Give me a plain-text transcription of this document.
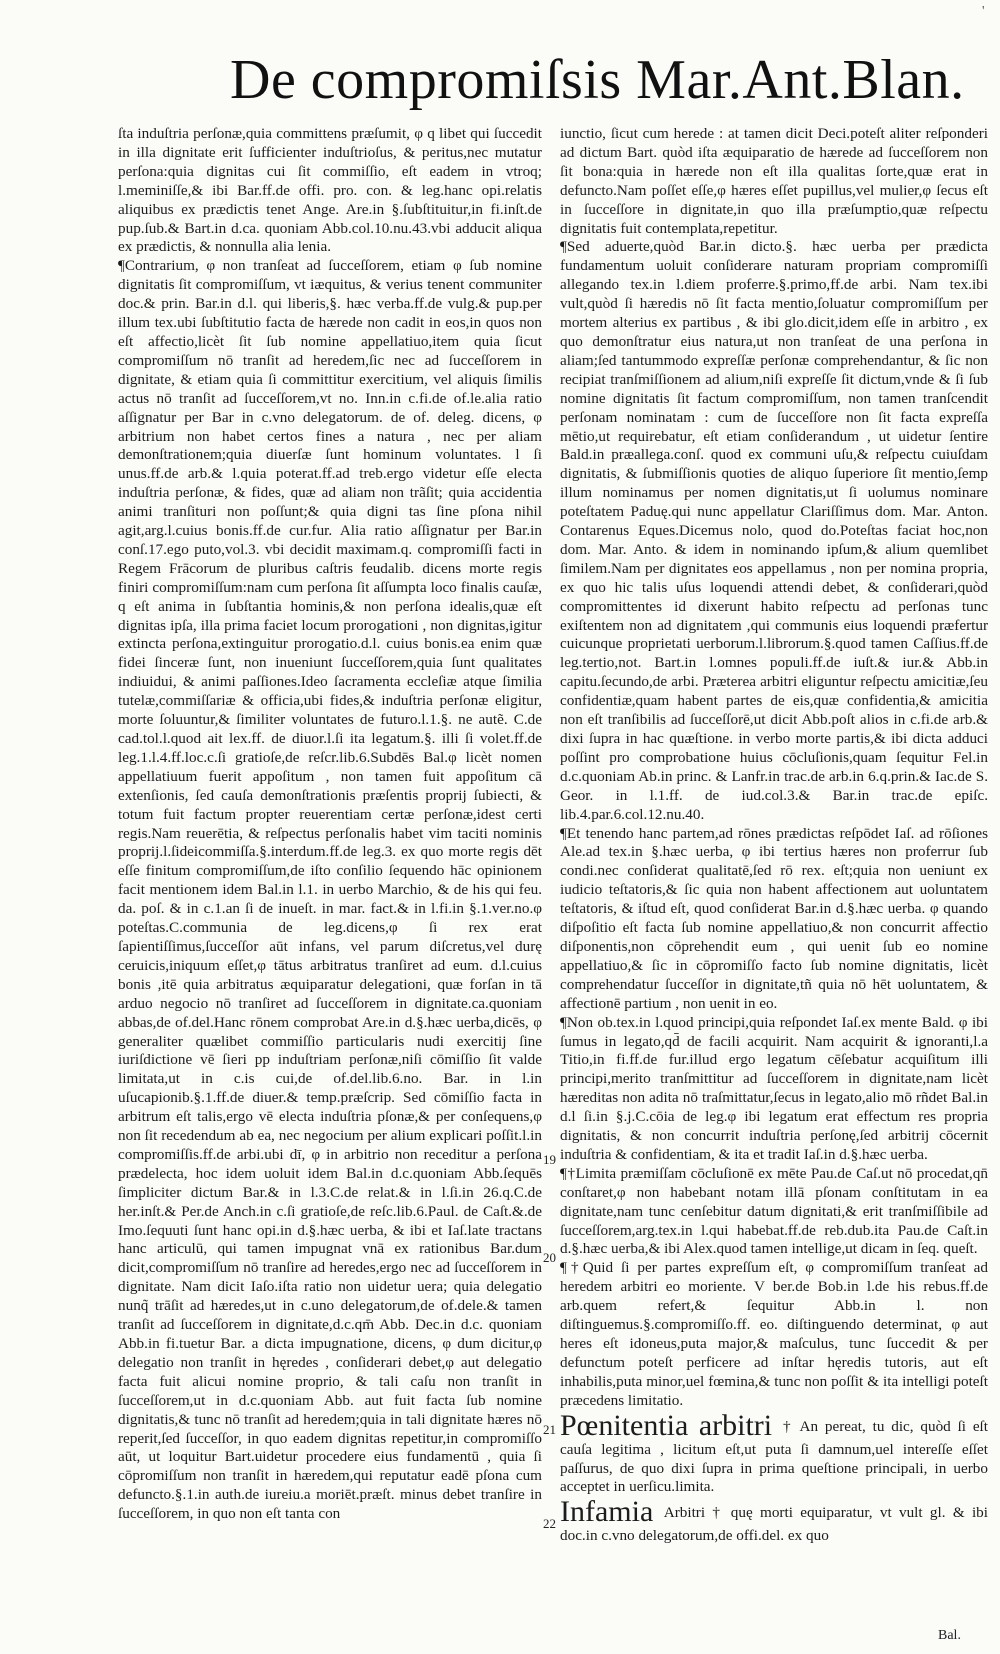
'
De compromiſsis Mar.Ant.Blan.

ſta induſtria perſonæ,quia committens præſumit, φ q libet qui ſuccedit in illa dignitate erit ſufficienter induſtrioſus, & peritus,nec mutatur perſona:quia dignitas cui ſit commiſſio, eſt eadem in vtroq; l.meminiſſe,& ibi Bar.ff.de offi. pro. con. & leg.hanc opi.relatis aliquibus ex prædictis tenet Ange. Are.in §.ſubſtituitur,in fi.inſt.de pup.ſub.& Bart.in d.ca. quoniam Abb.col.10.nu.43.vbi adducit aliqua ex prædictis, & nonnulla alia lenia.

¶Contrarium, φ non tranſeat ad ſucceſſorem, etiam φ ſub nomine dignitatis ſit compromiſſum, vt iæquitus, & verius tenent communiter doc.& prin. Bar.in d.l. qui liberis,§. hæc verba.ff.de vulg.& pup.per illum tex.ubi ſubſtitutio facta de hærede non cadit in eos,in quos non eſt affectio,licèt ſit ſub nomine appellatiuo,item quia ſicut compromiſſum nō tranſit ad heredem,ſic nec ad ſucceſſorem in dignitate, & etiam quia ſi committitur exercitium, vel aliquis ſimilis actus nō tranſit ad ſucceſſorem,vt no. Inn.in c.fi.de of.le.alia ratio aſſignatur per Bar in c.vno delegatorum. de of. deleg. dicens, φ arbitrium non habet certos fines a natura , nec per aliam demonſtrationem;quia diuerſæ ſunt hominum voluntates. l ſi unus.ff.de arb.& l.quia poterat.ff.ad treb.ergo videtur eſſe electa induſtria perſonæ, & fides, quæ ad aliam non trãſit; quia accidentia animi tranſituri non poſſunt;& quia digni tas ſine pſona nihil agit,arg.l.cuius bonis.ff.de cur.fur. Alia ratio aſſignatur per Bar.in conſ.17.ego puto,vol.3. vbi decidit maximam.q. compromiſſi facti in Regem Frācorum de pluribus caſtris feudalib. dicens morte regis finiri compromiſſum:nam cum perſona ſit aſſumpta loco finalis cauſæ, q eſt anima in ſubſtantia hominis,& non perſona idealis,quæ eſt dignitas ipſa, illa prima faciet locum prorogationi , non dignitas,igitur extincta perſona,extinguitur prorogatio.d.l. cuius bonis.ea enim quæ fidei ſinceræ ſunt, non inueniunt ſucceſſorem,quia ſunt qualitates indiuidui, & animi paſſiones.Ideo ſacramenta eccleſiæ atque ſimilia tutelæ,commiſſariæ & officia,ubi fides,& induſtria perſonæ eligitur, morte ſoluuntur,& ſimiliter voluntates de futuro.l.1.§. ne autẽ. C.de cad.tol.l.quod ait lex.ff. de diuor.l.ſi ita legatum.§. illi ſi volet.ff.de leg.1.l.4.ff.loc.c.ſi gratioſe,de reſcr.lib.6.Subdēs Bal.φ licèt nomen appellatiuum fuerit appoſitum , non tamen fuit appoſitum cā extenſionis, ſed cauſa demonſtrationis præſentis proprij ſubiecti, & totum fuit factum propter reuerentiam certæ perſonæ,idest certi regis.Nam reuerētia, & reſpectus perſonalis habet vim taciti nominis proprij.l.ſideicommiſſa.§.interdum.ff.de leg.3. ex quo morte regis dēt eſſe finitum compromiſſum,de iſto conſilio ſequendo hāc opinionem facit mentionem idem Bal.in l.1. in uerbo Marchio, & de his qui feu. da. poſ. & in c.1.an ſi de inueſt. in mar. fact.& in l.fi.in §.1.ver.no.φ poteſtas.C.communia de leg.dicens,φ ſi rex erat ſapientiſſimus,ſucceſſor aūt infans, vel parum diſcretus,vel durę ceruicis,iniquum eſſet,φ tātus arbitratus tranſiret ad eum. d.l.cuius bonis ,itē quia arbitratus æquiparatur delegationi, quæ forſan in tā arduo negocio nō tranſiret ad ſucceſſorem in dignitate.ca.quoniam abbas,de of.del.Hanc rōnem comprobat Are.in d.§.hæc uerba,dicēs, φ generaliter quælibet commiſſio particularis nudi exercitij ſine iuriſdictione vē ſieri pp induſtriam perſonæ,niſi cōmiſſio ſit valde limitata,ut in c.is cui,de of.del.lib.6.no. Bar. in l.in uſucapionib.§.1.ff.de diuer.& temp.præſcrip. Sed cōmiſſio facta in arbitrum eſt talis,ergo vē electa induſtria pſonæ,& per conſequens,φ non ſit recedendum ab ea, nec negocium per alium explicari poſſit.l.in compromiſſis.ff.de arbi.ubi dī, φ in arbitrio non receditur a perſona prædelecta, hoc idem uoluit idem Bal.in d.c.quoniam Abb.ſequēs ſimpliciter dictum Bar.& in l.3.C.de relat.& in l.ſi.in 26.q.C.de her.inſt.& Per.de Anch.in c.ſi gratioſe,de reſc.lib.6.Paul. de Caſt.&.de Imo.ſequuti ſunt hanc opi.in d.§.hæc uerba, & ibi et Iaſ.late tractans hanc articulū, qui tamen impugnat vnā ex rationibus Bar.dum dicit,compromiſſum nō tranſire ad heredes,ergo nec ad ſucceſſorem in dignitate. Nam dicit Iaſo.iſta ratio non uidetur uera; quia delegatio nunq̃ trāſit ad hæredes,ut in c.uno delegatorum,de of.dele.& tamen tranſit ad ſucceſſorem in dignitate,d.c.qm̄ Abb. Dec.in d.c. quoniam Abb.in fi.tuetur Bar. a dicta impugnatione, dicens, φ dum dicitur,φ delegatio non tranſit in hęredes , conſiderari debet,φ aut delegatio facta fuit alicui nomine proprio, & tali caſu non tranſit in ſucceſſorem,ut in d.c.quoniam Abb. aut fuit facta ſub nomine dignitatis,& tunc nō tranſit ad heredem;quia in tali dignitate hæres nō reperit,ſed ſucceſſor, in quo eadem dignitas repetitur,in compromiſſo aūt, ut loquitur Bart.uidetur procedere eius fundamentū , quia ſi cōpromiſſum non tranſit in hæredem,qui reputatur eadē pſona cum defuncto.§.1.in auth.de iureiu.a moriēt.præſt. minus debet tranſire in ſucceſſorem, in quo non eſt tanta con

iunctio, ſicut cum herede : at tamen dicit Deci.poteſt aliter reſponderi ad dictum Bart. quòd iſta æquiparatio de hærede ad ſucceſſorem non ſit bona:quia in hærede non eſt illa qualitas ſorte,quæ erat in defuncto.Nam poſſet eſſe,φ hæres eſſet pupillus,vel mulier,φ ſecus eſt in ſucceſſore in dignitate,in quo illa præſumptio,quæ reſpectu dignitatis fuit contemplata,repetitur.

¶Sed aduerte,quòd Bar.in dicto.§. hæc uerba per prædicta fundamentum uoluit conſiderare naturam propriam compromiſſi allegando tex.in l.diem proferre.§.primo,ff.de arbi. Nam tex.ibi vult,quòd ſi hæredis nō ſit facta mentio,ſoluatur compromiſſum per mortem alterius ex partibus , & ibi glo.dicit,idem eſſe in arbitro , ex quo demonſtratur eius natura,ut non tranſeat de una perſona in aliam;ſed tantummodo expreſſæ perſonæ comprehendantur, & ſic non recipiat tranſmiſſionem ad alium,niſi expreſſe ſit dictum,vnde & ſi ſub nomine dignitatis ſit factum compromiſſum, non tamen tranſcendit perſonam nominatam : cum de ſucceſſore non ſit facta expreſſa mētio,ut requirebatur, eſt etiam conſiderandum , ut uidetur ſentire Bald.in præallega.conſ. quod ex communi uſu,& reſpectu cuiuſdam dignitatis, & ſubmiſſionis quoties de aliquo ſuperiore ſit mentio,ſemp illum nominamus per nomen dignitatis,ut ſi uolumus nominare poteſtatem Paduę.qui nunc appellatur Clariſſimus dom. Mar. Anton. Contarenus Eques.Dicemus nolo, quod do.Poteſtas faciat hoc,non dom. Mar. Anto. & idem in nominando ipſum,& alium quemlibet ſimilem.Nam per dignitates eos appellamus , non per nomina propria, ex quo hic talis uſus loquendi attendi debet, & conſiderari,quòd compromittentes id dixerunt habito reſpectu ad perſonas tunc exiſtentem non ad dignitatem ,qui communis eius loquendi præfertur cuicunque proprietati uerborum.l.librorum.§.quod tamen Caſſius.ff.de leg.tertio,not. Bart.in l.omnes populi.ff.de iuſt.& iur.& Abb.in capitu.ſecundo,de arbi. Præterea arbitri eliguntur reſpectu amicitiæ,ſeu confidentiæ,quam habent partes de eis,quæ confidentia,& amicitia non eſt tranſibilis ad ſucceſſorē,ut dicit Abb.poſt alios in c.fi.de arb.& dixi ſupra in hac quæſtione. in verbo morte partis,& ibi dicta adduci poſſint pro comprobatione huius cōcluſionis,quam ſequitur Fel.in d.c.quoniam Ab.in princ. & Lanfr.in trac.de arb.in 6.q.prin.& Iac.de S. Geor. in l.1.ff. de iud.col.3.& Bar.in trac.de epiſc. lib.4.par.6.col.12.nu.40.

¶Et tenendo hanc partem,ad rōnes prædictas reſpōdet Iaſ. ad rōſiones Ale.ad tex.in §.hæc uerba, φ ibi tertius hæres non proferrur ſub condi.nec conſiderat qualitatē,ſed rō rex. eſt;quia non ueniunt ex iudicio teſtatoris,& ſic quia non habent affectionem aut uoluntatem teſtatoris, & iſtud eſt, quod conſiderat Bar.in d.§.hæc uerba. φ quando diſpoſitio eſt facta ſub nomine appellatiuo,& non concurrit affectio diſponentis,non cōprehendit eum , qui uenit ſub eo nomine appellatiuo,& ſic in cōpromiſſo facto ſub nomine dignitatis, licèt comprehendatur ſucceſſor in dignitate,tñ quia nō hēt uoluntatem, & affectionē partium , non uenit in eo.

¶Non ob.tex.in l.quod principi,quia reſpondet Iaſ.ex mente Bald. φ ibi ſumus in legato,qd̄ de facili acquirit. Nam acquirit & ignoranti,l.a Titio,in fi.ff.de fur.illud ergo legatum cēſebatur acquiſitum illi principi,merito tranſmittitur ad ſucceſſorem in dignitate,nam licèt hæreditas non adita nō traſmittatur,ſecus in legato,alio mō rñdet Bal.in d.l ſi.in §.j.C.cōia de leg.φ ibi legatum erat effectum res propria dignitatis, & non concurrit induſtria perſonę,ſed arbitrij cōcernit induſtria & confidentiam, & ita et tradit Iaſ.in d.§.hæc uerba.

¶†Limita præmiſſam cōcluſionē ex mēte Pau.de Caſ.ut nō procedat,qn̄ conſtaret,φ non habebant notam illā pſonam conſtitutam in ea dignitate,nam tunc cenſebitur datum dignitati,& erit tranſmiſſibile ad ſucceſſorem,arg.tex.in l.qui habebat.ff.de reb.dub.ita Pau.de Caſt.in d.§.hæc uerba,& ibi Alex.quod tamen intellige,ut dicam in ſeq. queſt.

¶†Quid ſi per partes expreſſum eſt, φ compromiſſum tranſeat ad heredem arbitri eo moriente. V ber.de Bob.in l.de his rebus.ff.de arb.quem refert,& ſequitur Abb.in l. non diſtinguemus.§.compromiſſo.ff. eo. diſtinguendo determinat, φ aut heres eſt idoneus,puta major,& maſculus, tunc ſuccedit & per defunctum poteſt perficere ad inſtar hęredis tutoris, aut eſt inhabilis,puta minor,uel fœmina,& tunc non poſſit & ita intelligi poteſt præcedens limitatio.

Pœnitentia arbitri † An pereat, tu dic, quòd ſi eſt cauſa legitima , licitum eſt,ut puta ſi damnum,uel intereſſe eſſet paſſurus, de quo dixi ſupra in prima queſtione principali, in uerbo acceptet in uerſicu.limita.

Infamia Arbitri † quę morti equiparatur, vt vult gl. & ibi doc.in c.vno delegatorum,de offi.del. ex quo

19
20
21
22
Bal.
